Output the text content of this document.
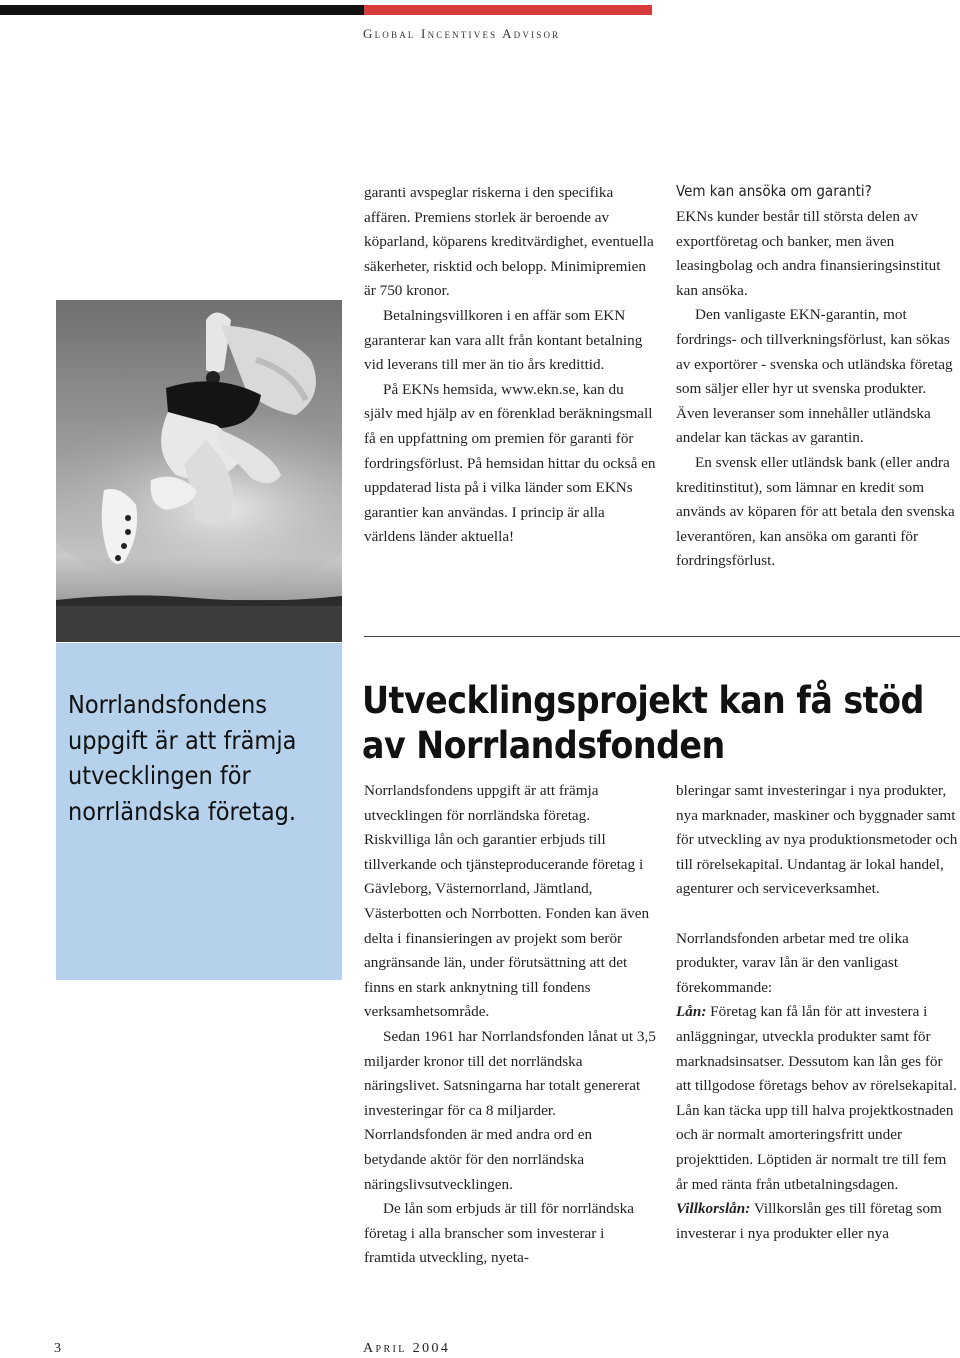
Global Incentives Advisor

garanti avspeglar riskerna i den specifika affären. Premiens storlek är beroende av köparland, köparens kreditvärdighet, eventuella säkerheter, risktid och belopp. Minimipremien är 750 kronor.

Betalningsvillkoren i en affär som EKN garanterar kan vara allt från kontant betalning vid leverans till mer än tio års kredittid.

På EKNs hemsida, www.ekn.se, kan du själv med hjälp av en förenklad beräkningsmall få en uppfattning om premien för garanti för fordringsförlust. På hemsidan hittar du också en uppdaterad lista på i vilka länder som EKNs garantier kan användas. I princip är alla världens länder aktuella!

Vem kan ansöka om garanti?

EKNs kunder består till största delen av exportföretag och banker, men även leasingbolag och andra finansieringsinstitut kan ansöka.

Den vanligaste EKN-garantin, mot fordrings- och tillverkningsförlust, kan sökas av exportörer - svenska och utländska företag som säljer eller hyr ut svenska produkter. Även leveranser som innehåller utländska andelar kan täckas av garantin.

En svensk eller utländsk bank (eller andra kreditinstitut), som lämnar en kredit som används av köparen för att betala den svenska leverantören, kan ansöka om garanti för fordringsförlust.

Norrlandsfondens uppgift är att främja utvecklingen för norrländska företag.
Utvecklingsprojekt kan få stöd av Norrlandsfonden

Norrlandsfondens uppgift är att främja utvecklingen för norrländska företag. Riskvilliga lån och garantier erbjuds till tillverkande och tjänsteproducerande företag i Gävleborg, Västernorrland, Jämtland, Västerbotten och Norrbotten. Fonden kan även delta i finansieringen av projekt som berör angränsande län, under förutsättning att det finns en stark anknytning till fondens verksamhetsområde.

Sedan 1961 har Norrlandsfonden lånat ut 3,5 miljarder kronor till det norrländska näringslivet. Satsningarna har totalt genererat investeringar för ca 8 miljarder. Norrlandsfonden är med andra ord en betydande aktör för den norrländska näringslivsutvecklingen.

De lån som erbjuds är till för norrländska företag i alla branscher som investerar i framtida utveckling, nyeta-

bleringar samt investeringar i nya produkter, nya marknader, maskiner och byggnader samt för utveckling av nya produktionsmetoder och till rörelsekapital. Undantag är lokal handel, agenturer och serviceverksamhet.

Norrlandsfonden arbetar med tre olika produkter, varav lån är den vanligast förekommande:

Lån: Företag kan få lån för att investera i anläggningar, utveckla produkter samt för marknadsinsatser. Dessutom kan lån ges för att tillgodose företags behov av rörelsekapital. Lån kan täcka upp till halva projektkostnaden och är normalt amorteringsfritt under projekttiden. Löptiden är normalt tre till fem år med ränta från utbetalningsdagen.

Villkorslån: Villkorslån ges till företag som investerar i nya produkter eller nya

3	April 2004
